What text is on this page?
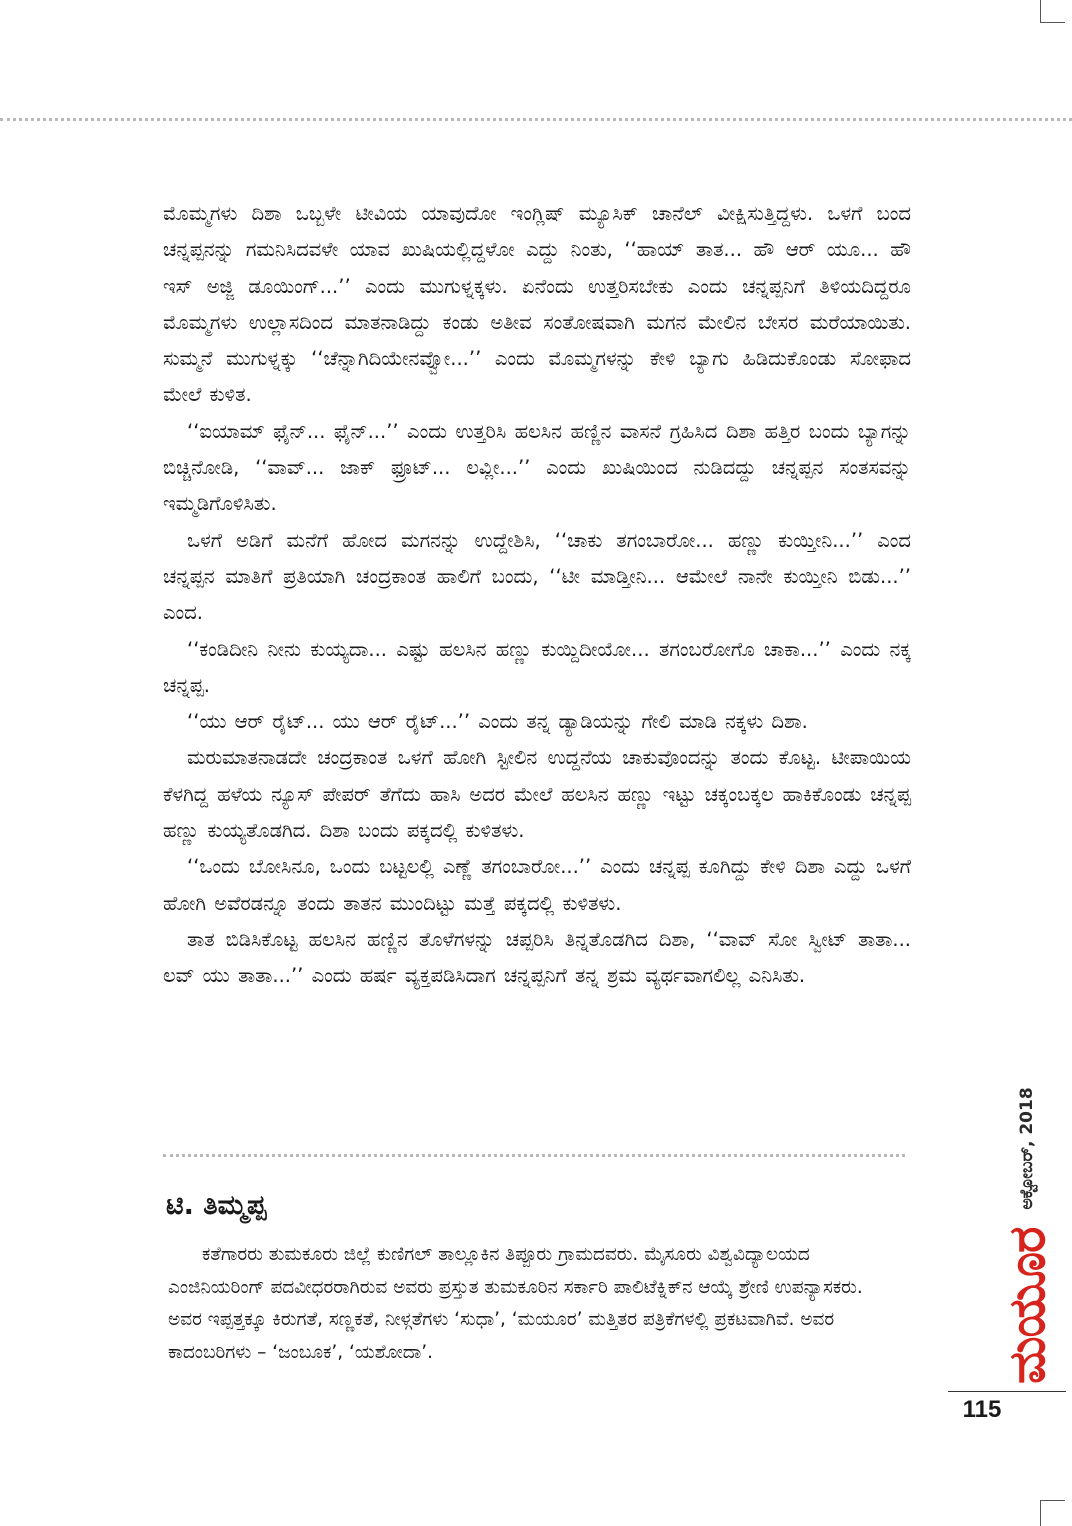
ಮೊಮ್ಮಗಳು ದಿಶಾ ಒಬ್ಬಳೇ ಟೀವಿಯ ಯಾವುದೋ ಇಂಗ್ಲಿಷ್ ಮ್ಯೂಸಿಕ್ ಚಾನೆಲ್ ವೀಕ್ಷಿಸುತ್ತಿದ್ದಳು. ಒಳಗೆ ಬಂದ ಚನ್ನಪ್ಪನನ್ನು ಗಮನಿಸಿದವಳೇ ಯಾವ ಖುಷಿಯಲ್ಲಿದ್ದಳೋ ಎದ್ದು ನಿಂತು, ‘‘ಹಾಯ್ ತಾತ... ಹೌ ಆರ್ ಯೂ... ಹೌ ಇಸ್ ಅಜ್ಜಿ ಡೂಯಿಂಗ್...’’ ಎಂದು ಮುಗುಳ್ನಕ್ಕಳು. ಏನೆಂದು ಉತ್ತರಿಸಬೇಕು ಎಂದು ಚನ್ನಪ್ಪನಿಗೆ ತಿಳಿಯದಿದ್ದರೂ ಮೊಮ್ಮಗಳು ಉಲ್ಲಾಸದಿಂದ ಮಾತನಾಡಿದ್ದು ಕಂಡು ಅತೀವ ಸಂತೋಷವಾಗಿ ಮಗನ ಮೇಲಿನ ಬೇಸರ ಮರೆಯಾಯಿತು. ಸುಮ್ಮನೆ ಮುಗುಳ್ನಕ್ಕು ‘‘ಚೆನ್ನಾಗಿದಿಯೇನವ್ವೋ...’’ ಎಂದು ಮೊಮ್ಮಗಳನ್ನು ಕೇಳಿ ಬ್ಯಾಗು ಹಿಡಿದುಕೊಂಡು ಸೋಫಾದ ಮೇಲೆ ಕುಳಿತ.

‘‘ಐಯಾಮ್ ಫೈನ್... ಫೈನ್...’’ ಎಂದು ಉತ್ತರಿಸಿ ಹಲಸಿನ ಹಣ್ಣಿನ ವಾಸನೆ ಗ್ರಹಿಸಿದ ದಿಶಾ ಹತ್ತಿರ ಬಂದು ಬ್ಯಾಗನ್ನು ಬಿಚ್ಚಿನೋಡಿ, ‘‘ವಾವ್... ಜಾಕ್ ಫ್ರೂಟ್... ಲವ್ಲೀ...’’ ಎಂದು ಖುಷಿಯಿಂದ ನುಡಿದದ್ದು ಚನ್ನಪ್ಪನ ಸಂತಸವನ್ನು ಇಮ್ಮಡಿಗೊಳಿಸಿತು.

ಒಳಗೆ ಅಡಿಗೆ ಮನೆಗೆ ಹೋದ ಮಗನನ್ನು ಉದ್ದೇಶಿಸಿ, ‘‘ಚಾಕು ತಗಂಬಾರೋ... ಹಣ್ಣು ಕುಯ್ತೀನಿ...’’ ಎಂದ ಚನ್ನಪ್ಪನ ಮಾತಿಗೆ ಪ್ರತಿಯಾಗಿ ಚಂದ್ರಕಾಂತ ಹಾಲಿಗೆ ಬಂದು, ‘‘ಟೀ ಮಾಡ್ತೀನಿ... ಆಮೇಲೆ ನಾನೇ ಕುಯ್ತೀನಿ ಬಿಡು...’’ ಎಂದ.

‘‘ಕಂಡಿದೀನಿ ನೀನು ಕುಯ್ಯದಾ... ಎಷ್ಟು ಹಲಸಿನ ಹಣ್ಣು ಕುಯ್ದಿದೀಯೋ... ತಗಂಬರೋಗೊ ಚಾಕಾ...’’ ಎಂದು ನಕ್ಕ ಚನ್ನಪ್ಪ.

‘‘ಯು ಆರ್ ರೈಟ್... ಯು ಆರ್ ರೈಟ್...’’ ಎಂದು ತನ್ನ ಡ್ಯಾಡಿಯನ್ನು ಗೇಲಿ ಮಾಡಿ ನಕ್ಕಳು ದಿಶಾ.

ಮರುಮಾತನಾಡದೇ ಚಂದ್ರಕಾಂತ ಒಳಗೆ ಹೋಗಿ ಸ್ಟೀಲಿನ ಉದ್ದನೆಯ ಚಾಕುವೊಂದನ್ನು ತಂದು ಕೊಟ್ಟ. ಟೀಪಾಯಿಯ ಕೆಳಗಿದ್ದ ಹಳೆಯ ನ್ಯೂಸ್ ಪೇಪರ್ ತೆಗೆದು ಹಾಸಿ ಅದರ ಮೇಲೆ ಹಲಸಿನ ಹಣ್ಣು ಇಟ್ಟು ಚಕ್ಕಂಬಕ್ಕಲ ಹಾಕಿಕೊಂಡು ಚನ್ನಪ್ಪ ಹಣ್ಣು ಕುಯ್ಯತೊಡಗಿದ. ದಿಶಾ ಬಂದು ಪಕ್ಕದಲ್ಲಿ ಕುಳಿತಳು.

‘‘ಒಂದು ಬೋಸಿನೂ, ಒಂದು ಬಟ್ಟಲಲ್ಲಿ ಎಣ್ಣೆ ತಗಂಬಾರೋ...’’ ಎಂದು ಚನ್ನಪ್ಪ ಕೂಗಿದ್ದು ಕೇಳಿ ದಿಶಾ ಎದ್ದು ಒಳಗೆ ಹೋಗಿ ಅವೆರಡನ್ನೂ ತಂದು ತಾತನ ಮುಂದಿಟ್ಟು ಮತ್ತೆ ಪಕ್ಕದಲ್ಲಿ ಕುಳಿತಳು.

ತಾತ ಬಿಡಿಸಿಕೊಟ್ಟ ಹಲಸಿನ ಹಣ್ಣಿನ ತೊಳೆಗಳನ್ನು ಚಪ್ಪರಿಸಿ ತಿನ್ನತೊಡಗಿದ ದಿಶಾ, ‘‘ವಾವ್ ಸೋ ಸ್ವೀಟ್ ತಾತಾ... ಲವ್ ಯು ತಾತಾ...’’ ಎಂದು ಹರ್ಷ ವ್ಯಕ್ತಪಡಿಸಿದಾಗ ಚನ್ನಪ್ಪನಿಗೆ ತನ್ನ ಶ್ರಮ ವ್ಯರ್ಥವಾಗಲಿಲ್ಲ ಎನಿಸಿತು.

ಟಿ. ತಿಮ್ಮಪ್ಪ

ಕತೆಗಾರರು ತುಮಕೂರು ಜಿಲ್ಲೆ ಕುಣಿಗಲ್ ತಾಲ್ಲೂಕಿನ ತಿಪ್ಪೂರು ಗ್ರಾಮದವರು. ಮೈಸೂರು ವಿಶ್ವವಿದ್ಯಾಲಯದ ಎಂಜಿನಿಯರಿಂಗ್ ಪದವೀಧರರಾಗಿರುವ ಅವರು ಪ್ರಸ್ತುತ ತುಮಕೂರಿನ ಸರ್ಕಾರಿ ಪಾಲಿಟೆಕ್ನಿಕ್‌ನ ಆಯ್ಕೆ ಶ್ರೇಣಿ ಉಪನ್ಯಾಸಕರು. ಅವರ ಇಪ್ಪತ್ತಕ್ಕೂ ಕಿರುಗತೆ, ಸಣ್ಣಕತೆ, ನೀಳ್ಗತೆಗಳು ‘ಸುಧಾ’, ‘ಮಯೂರ’ ಮತ್ತಿತರ ಪತ್ರಿಕೆಗಳಲ್ಲಿ ಪ್ರಕಟವಾಗಿವೆ. ಅವರ ಕಾದಂಬರಿಗಳು – ‘ಜಂಬೂಕ’, ‘ಯಶೋದಾ’.	ಮಯೂರ
ಅಕ್ಟೋಬರ್, 2018

115
